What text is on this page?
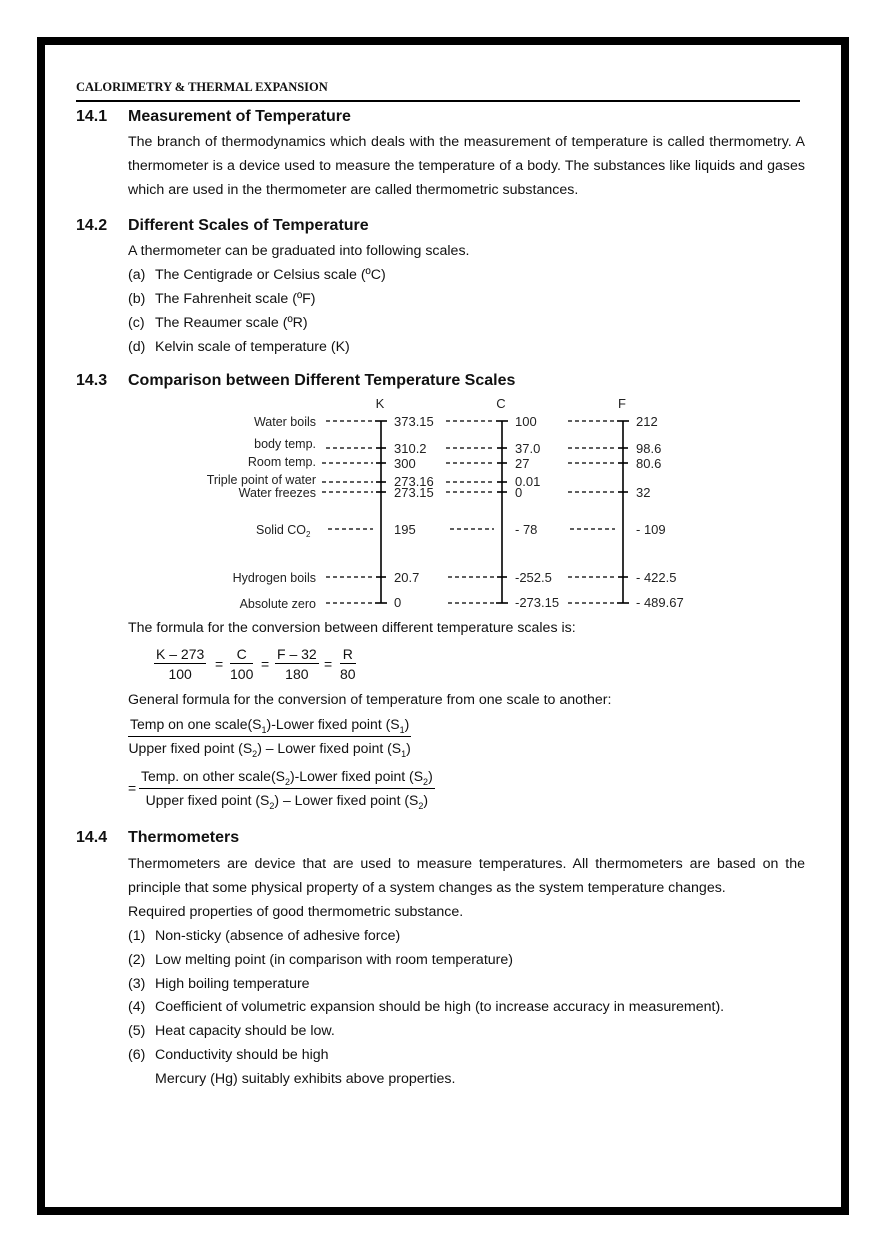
CALORIMETRY & THERMAL EXPANSION
14.1 Measurement of Temperature
The branch of thermodynamics which deals with the measurement of temperature is called thermometry. A thermometer is a device used to measure the temperature of a body. The substances like liquids and gases which are used in the thermometer are called thermometric substances.
14.2 Different Scales of Temperature
A thermometer can be graduated into following scales.
(a) The Centigrade or Celsius scale (ºC)
(b) The Fahrenheit scale (ºF)
(c) The Reaumer scale (ºR)
(d) Kelvin scale of temperature (K)
14.3 Comparison between Different Temperature Scales
K	C	F
Water boils
body temp.
Room temp.
Triple point of water
Water freezes
Hydrogen boils
Absolute zero
Solid $CO_2$
373.15
310.2
300
273.16
273.15
195
20.7
0
100
37.0
27
0.01
0
- 78
-252.5
-273.15
212
98.6
80.6
32
- 109
- 422.5
- 489.67
The formula for the conversion between different temperature scales is:
$\frac{K - 273}{100} = \frac{C}{100} = \frac{F - 32}{180} = \frac{R}{80}$
General formula for the conversion of temperature from one scale to another:
Temp on one $scale(S_1)$-Lower fixed point $(S_1)$
Upper fixed point $(S_2)$ – Lower fixed point $(S_1)$
=
Temp. on other $scale(S_2)$-Lower fixed point $(S_2)$
Upper fixed point $(S_2)$ – Lower fixed point $(S_2)$
14.4 Thermometers
Thermometers are device that are used to measure temperatures. All thermometers are based on the principle that some physical property of a system changes as the system temperature changes.
Required properties of good thermometric substance.
(1) Non-sticky (absence of adhesive force)
(2) Low melting point (in comparison with room temperature)
(3) High boiling temperature
(4) Coefficient of volumetric expansion should be high (to increase accuracy in measurement).
(5) Heat capacity should be low.
(6) Conductivity should be high
Mercury (Hg) suitably exhibits above properties.
